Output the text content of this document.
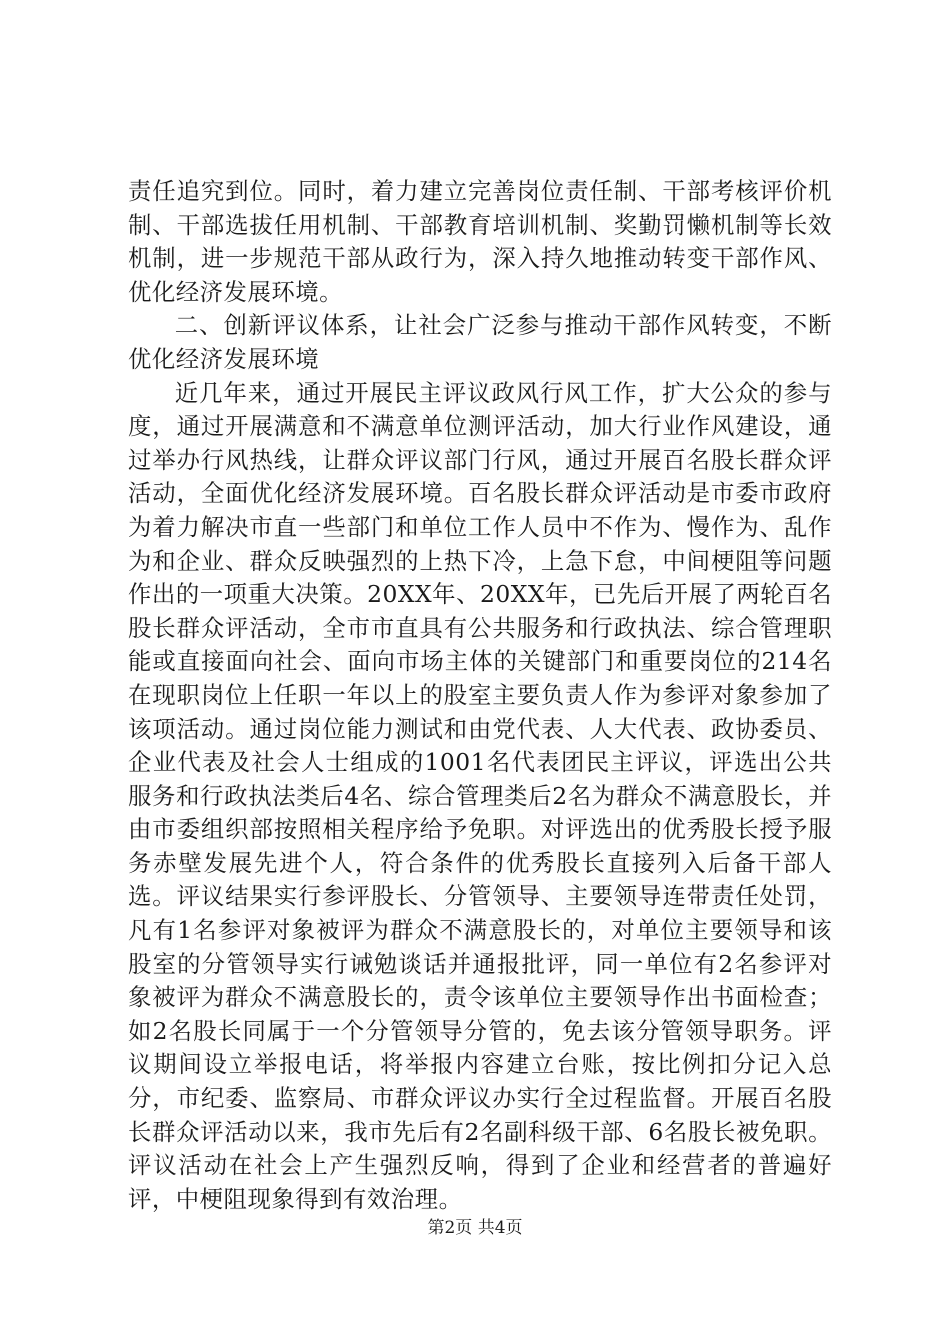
责任追究到位。同时，着力建立完善岗位责任制、干部考核评价机制、干部选拔任用机制、干部教育培训机制、奖勤罚懒机制等长效机制，进一步规范干部从政行为，深入持久地推动转变干部作风、优化经济发展环境。

二、创新评议体系，让社会广泛参与推动干部作风转变，不断优化经济发展环境

近几年来，通过开展民主评议政风行风工作，扩大公众的参与度，通过开展满意和不满意单位测评活动，加大行业作风建设，通过举办行风热线，让群众评议部门行风，通过开展百名股长群众评活动，全面优化经济发展环境。百名股长群众评活动是市委市政府为着力解决市直一些部门和单位工作人员中不作为、慢作为、乱作为和企业、群众反映强烈的上热下冷，上急下怠，中间梗阻等问题作出的一项重大决策。20XX年、20XX年，已先后开展了两轮百名股长群众评活动，全市市直具有公共服务和行政执法、综合管理职能或直接面向社会、面向市场主体的关键部门和重要岗位的214名在现职岗位上任职一年以上的股室主要负责人作为参评对象参加了该项活动。通过岗位能力测试和由党代表、人大代表、政协委员、企业代表及社会人士组成的1001名代表团民主评议，评选出公共服务和行政执法类后4名、综合管理类后2名为群众不满意股长，并由市委组织部按照相关程序给予免职。对评选出的优秀股长授予服务赤壁发展先进个人，符合条件的优秀股长直接列入后备干部人选。评议结果实行参评股长、分管领导、主要领导连带责任处罚，凡有1名参评对象被评为群众不满意股长的，对单位主要领导和该股室的分管领导实行诫勉谈话并通报批评，同一单位有2名参评对象被评为群众不满意股长的，责令该单位主要领导作出书面检查；如2名股长同属于一个分管领导分管的，免去该分管领导职务。评议期间设立举报电话，将举报内容建立台账，按比例扣分记入总分，市纪委、监察局、市群众评议办实行全过程监督。开展百名股长群众评活动以来，我市先后有2名副科级干部、6名股长被免职。评议活动在社会上产生强烈反响，得到了企业和经营者的普遍好评，中梗阻现象得到有效治理。

第2页 共4页
